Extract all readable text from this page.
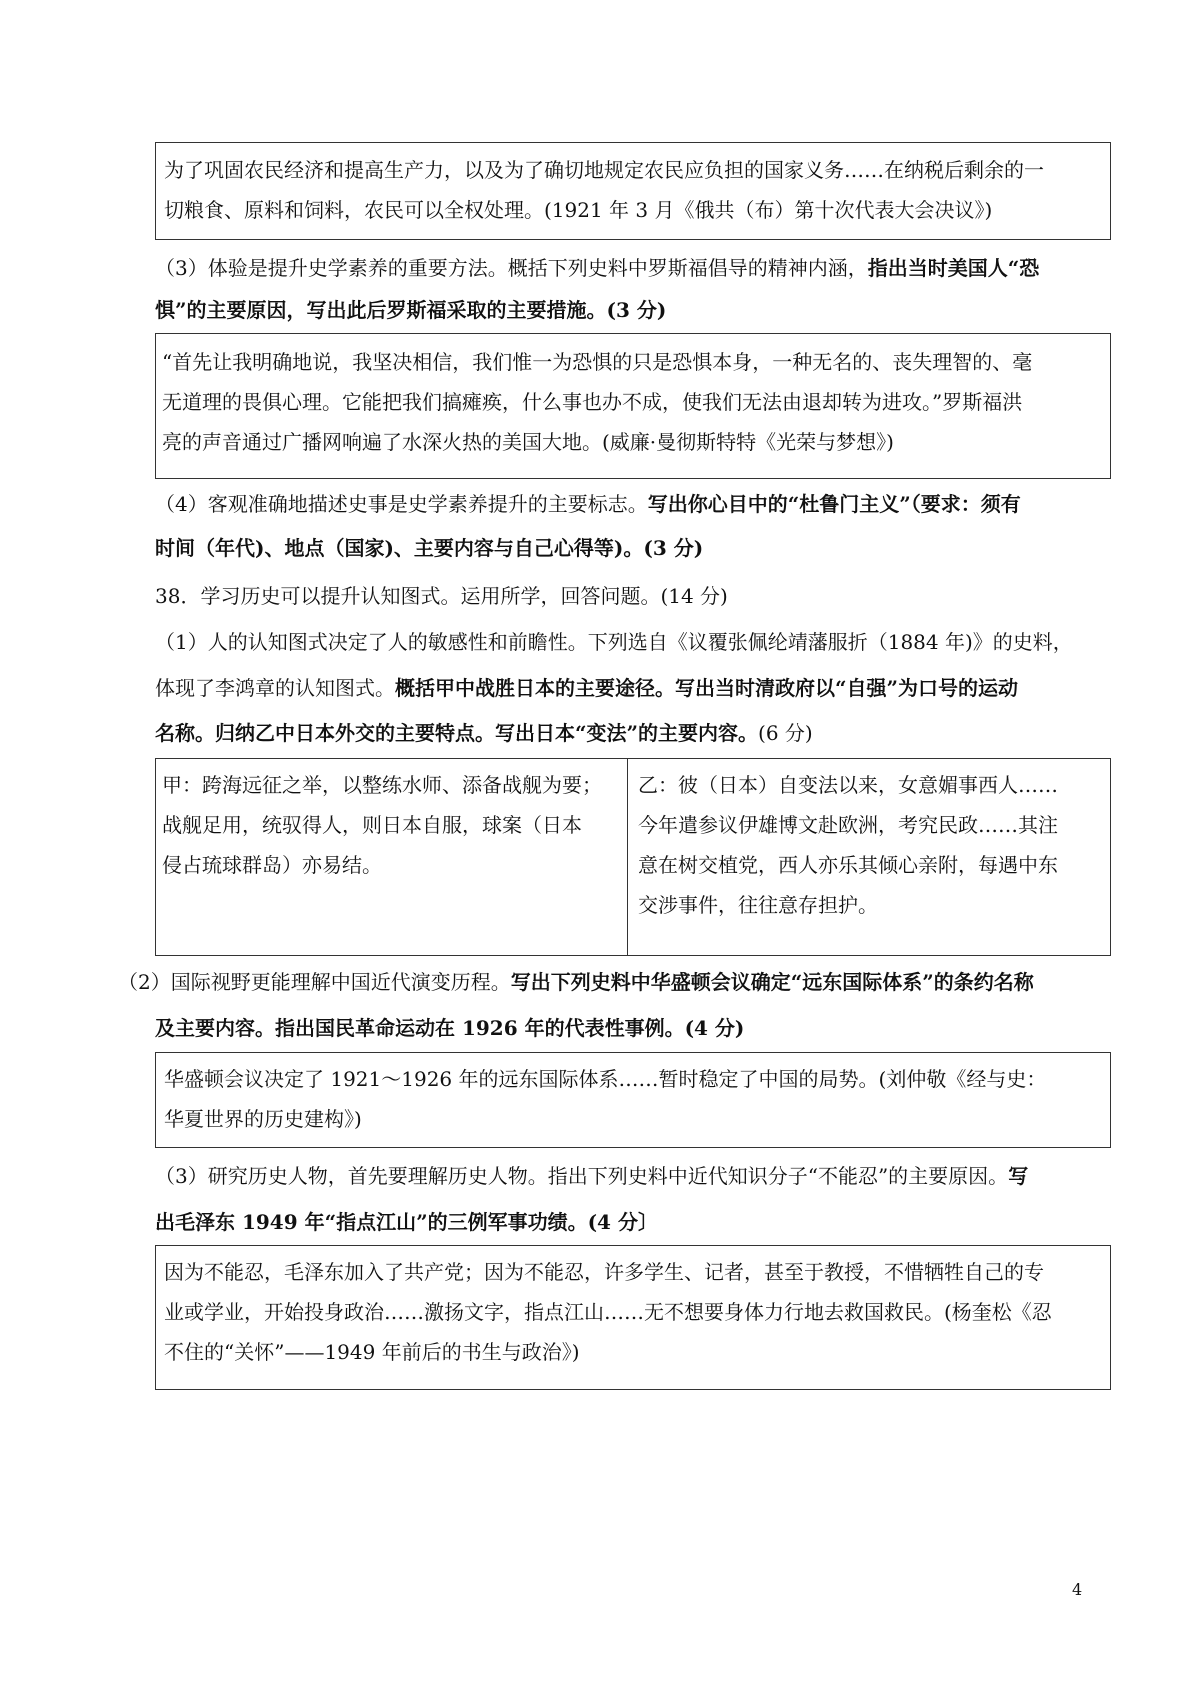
为了巩固农民经济和提高生产力，以及为了确切地规定农民应负担的国家义务……在纳税后剩余的一

切粮食、原料和饲料，农民可以全权处理。(1921 年 3 月《俄共（布）第十次代表大会决议》)

（3）体验是提升史学素养的重要方法。概括下列史料中罗斯福倡导的精神内涵，指出当时美国人“恐

惧”的主要原因，写出此后罗斯福采取的主要措施。(3 分)

“首先让我明确地说，我坚决相信，我们惟一为恐惧的只是恐惧本身，一种无名的、丧失理智的、毫

无道理的畏俱心理。它能把我们搞瘫痪，什么事也办不成，使我们无法由退却转为进攻。”罗斯福洪

亮的声音通过广播网响遍了水深火热的美国大地。(威廉·曼彻斯特特《光荣与梦想》)

（4）客观准确地描述史事是史学素养提升的主要标志。写出你心目中的“杜鲁门主义”（要求：须有

时间（年代)、地点（国家)、主要内容与自己心得等)。(3 分)

38．学习历史可以提升认知图式。运用所学，回答问题。(14 分)

（1）人的认知图式决定了人的敏感性和前瞻性。下列选自《议覆张佩纶靖藩服折（1884 年)》的史料，

体现了李鸿章的认知图式。概括甲中战胜日本的主要途径。写出当时清政府以“自强”为口号的运动

名称。归纳乙中日本外交的主要特点。写出日本“变法”的主要内容。(6 分)

甲：跨海远征之举，以整练水师、添备战舰为要；

战舰足用，统驭得人，则日本自服，球案（日本

侵占琉球群岛）亦易结。

乙：彼（日本）自变法以来，女意媚事西人……

今年遣参议伊雄博文赴欧洲，考究民政……其注

意在树交植党，西人亦乐其倾心亲附，每遇中东

交涉事件，往往意存担护。

（2）国际视野更能理解中国近代演变历程。写出下列史料中华盛顿会议确定“远东国际体系”的条约名称

及主要内容。指出国民革命运动在 1926 年的代表性事例。(4 分)

华盛顿会议决定了 1921～1926 年的远东国际体系……暂时稳定了中国的局势。(刘仲敬《经与史：

华夏世界的历史建构》)

（3）研究历史人物，首先要理解历史人物。指出下列史料中近代知识分子“不能忍”的主要原因。写

出毛泽东 1949 年“指点江山”的三例军事功绩。(4 分〕

因为不能忍，毛泽东加入了共产党；因为不能忍，许多学生、记者，甚至于教授，不惜牺牲自己的专

业或学业，开始投身政治……激扬文字，指点江山……无不想要身体力行地去救国救民。(杨奎松《忍

不住的“关怀”——1949 年前后的书生与政治》)

4
